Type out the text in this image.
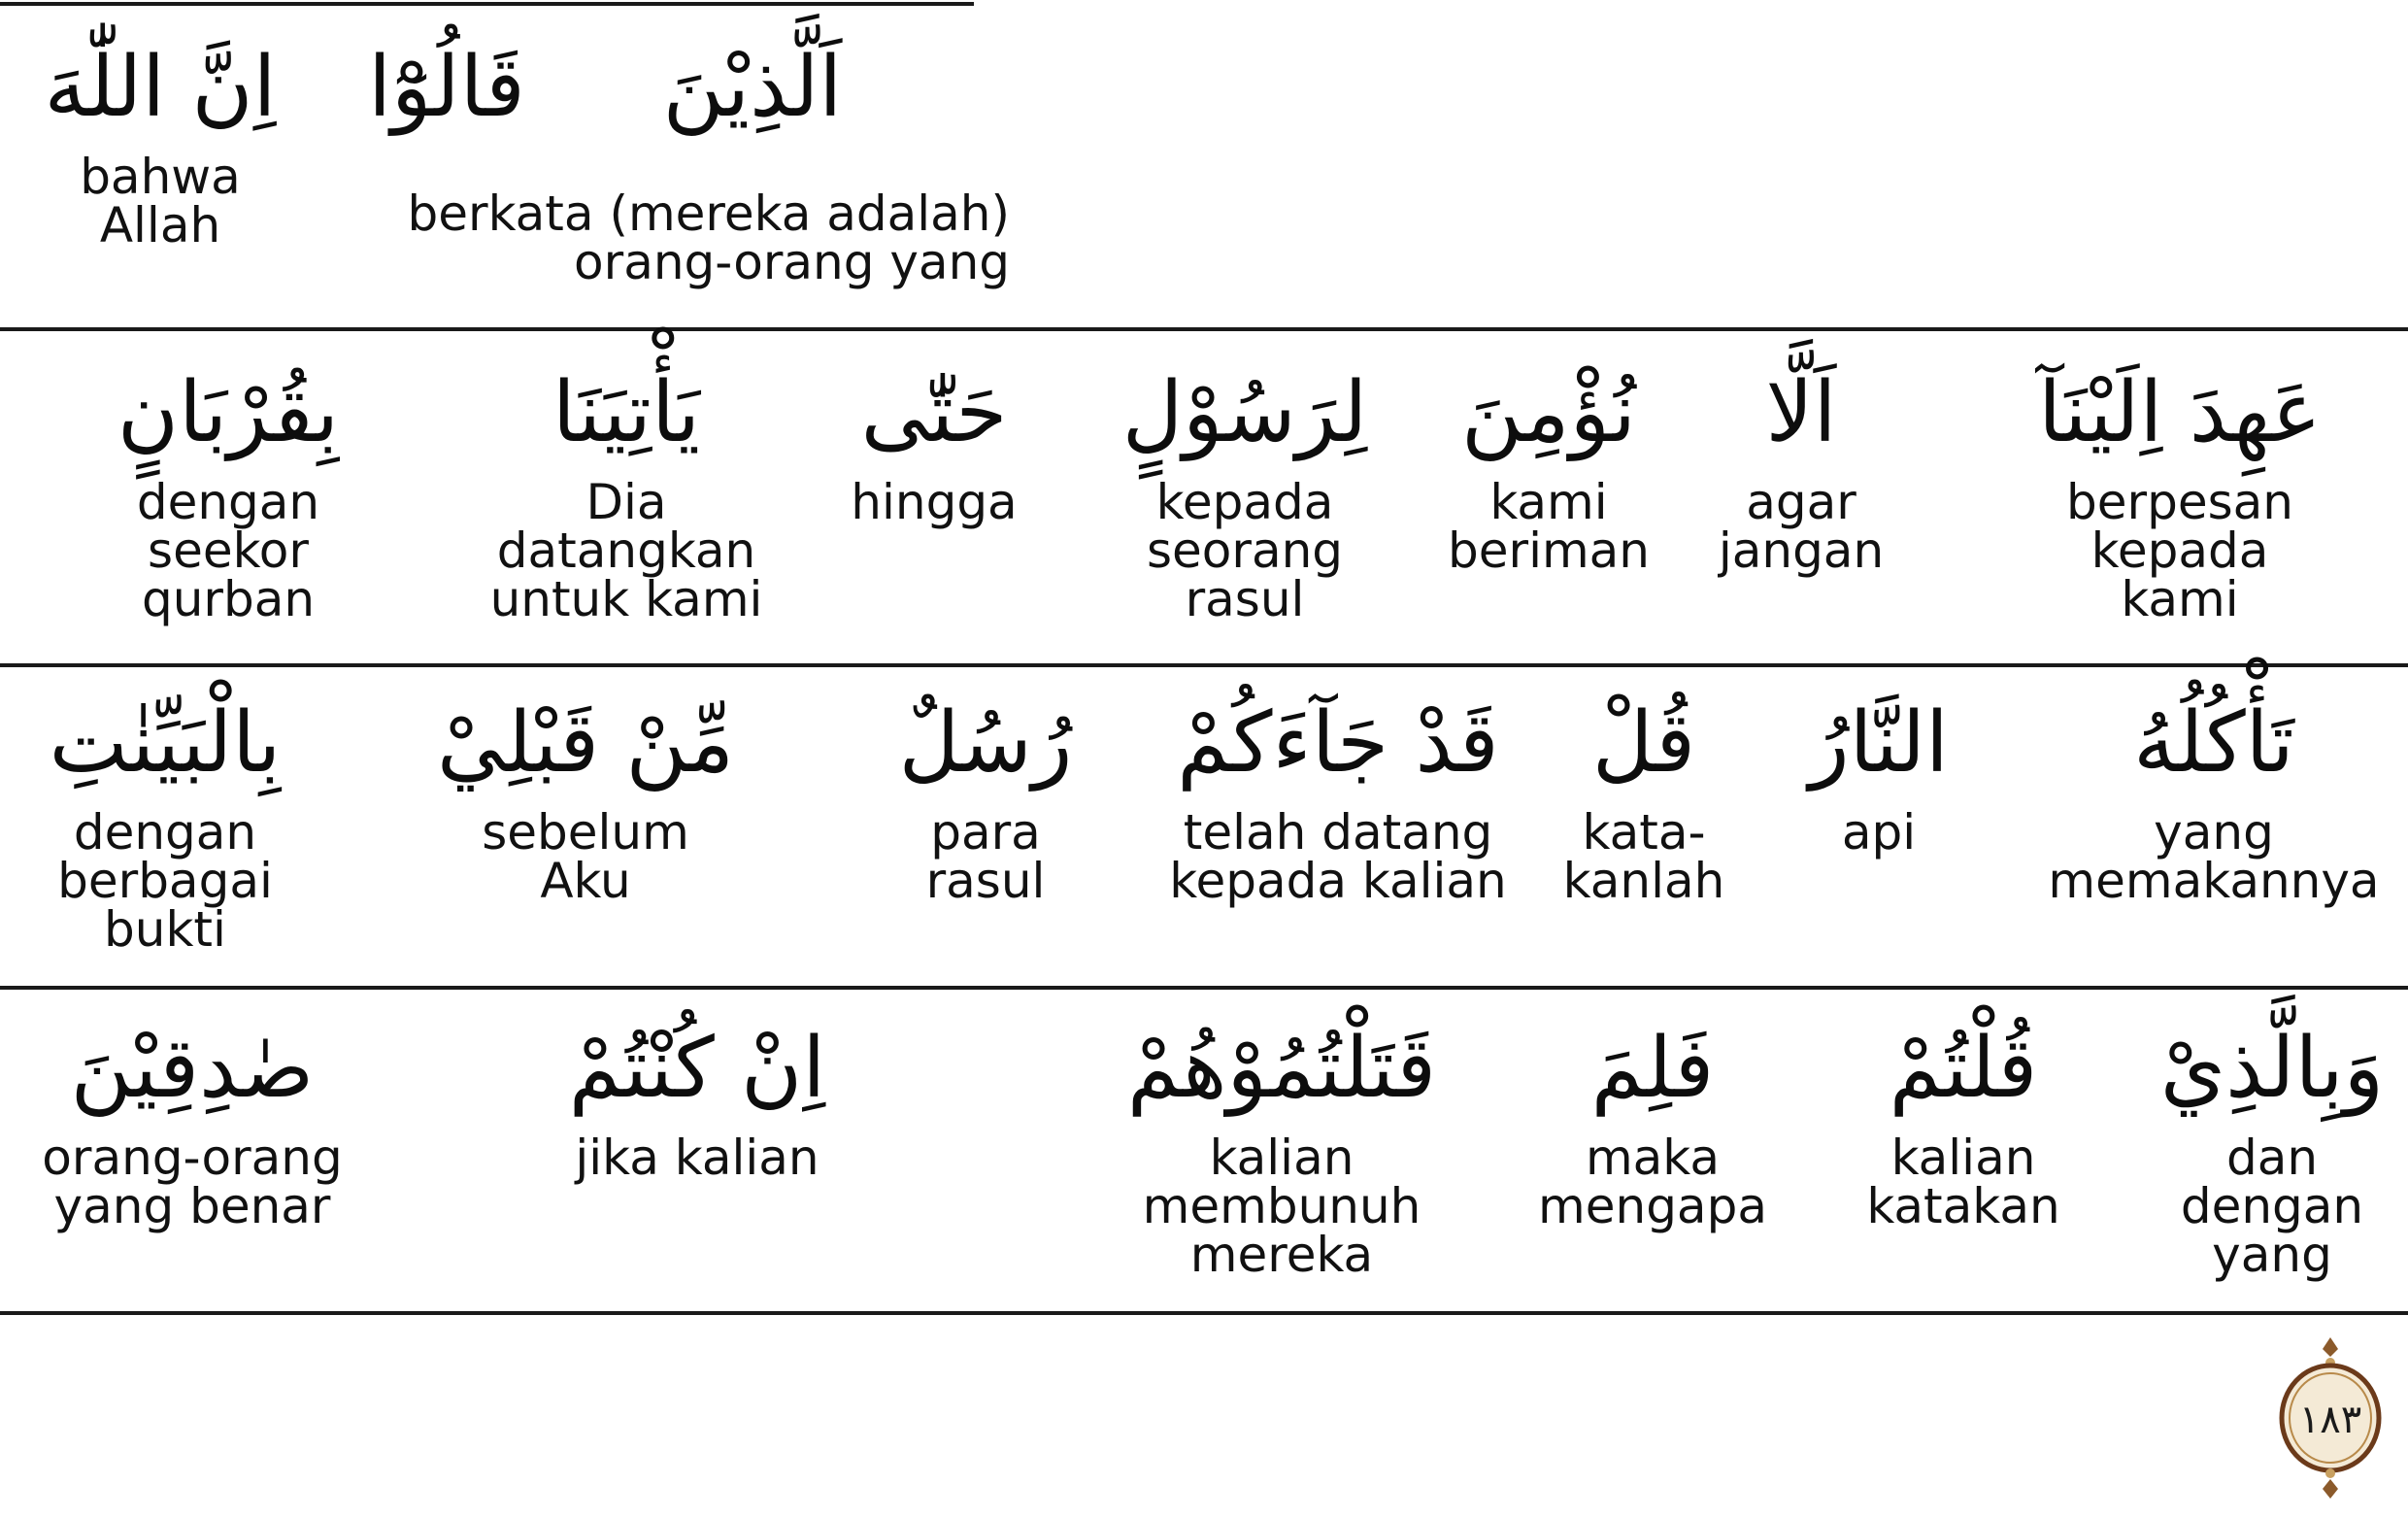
اَلَّذِيْنَ
قَالُوْٓا
اِنَّ اللّٰهَ
bahwa
Allah	berkata (mereka adalah)
orang-orang yang
عَهِدَ اِلَيْنَآ
berpesan
kepada kami
اَلَّا
agar
jangan
نُؤْمِنَ
kami
beriman
لِرَسُوْلٍ
kepada
seorang
rasul
حَتّٰى
hingga
يَأْتِيَنَا
Dia
datangkan
untuk kami
بِقُرْبَانٍ
dengan
seekor
qurban
تَأْكُلُهُ
yang
memakannya
النَّارُ
api
قُلْ
kata-
kanlah
قَدْ جَآءَكُمْ
telah datang
kepada kalian
رُسُلٌ
para
rasul
مِّنْ قَبْلِيْ
sebelum
Aku
بِالْبَيِّنٰتِ
dengan
berbagai
bukti
وَبِالَّذِيْ
dan
dengan
yang
قُلْتُمْ
kalian
katakan
فَلِمَ
maka
mengapa
قَتَلْتُمُوْهُمْ
kalian
membunuh
mereka
اِنْ كُنْتُمْ
jika kalian
صٰدِقِيْنَ
orang-orang
yang benar
١٨٣
